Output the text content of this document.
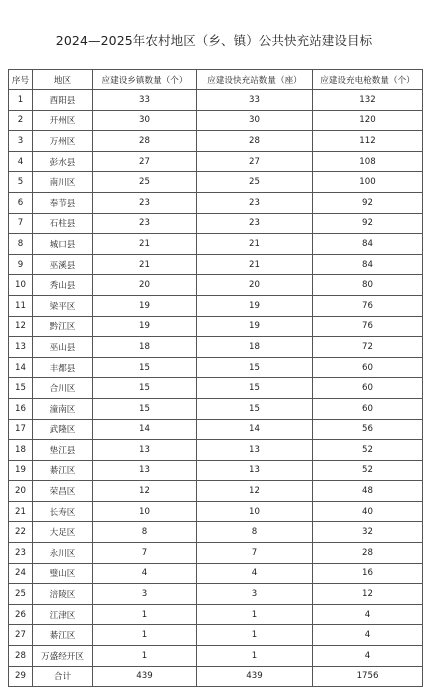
2024—2025年农村地区（乡、镇）公共快充站建设目标
序号	地区	应建设乡镇数量（个）	应建设快充站数量（座）	应建设充电枪数量（个）
1	酉阳县	33	33	132
2	开州区	30	30	120
3	万州区	28	28	112
4	彭水县	27	27	108
5	南川区	25	25	100
6	奉节县	23	23	92
7	石柱县	23	23	92
8	城口县	21	21	84
9	巫溪县	21	21	84
10	秀山县	20	20	80
11	梁平区	19	19	76
12	黔江区	19	19	76
13	巫山县	18	18	72
14	丰都县	15	15	60
15	合川区	15	15	60
16	潼南区	15	15	60
17	武隆区	14	14	56
18	垫江县	13	13	52
19	綦江区	13	13	52
20	荣昌区	12	12	48
21	长寿区	10	10	40
22	大足区	8	8	32
23	永川区	7	7	28
24	璧山区	4	4	16
25	涪陵区	3	3	12
26	江津区	1	1	4
27	綦江区	1	1	4
28	万盛经开区	1	1	4
29	合计	439	439	1756
